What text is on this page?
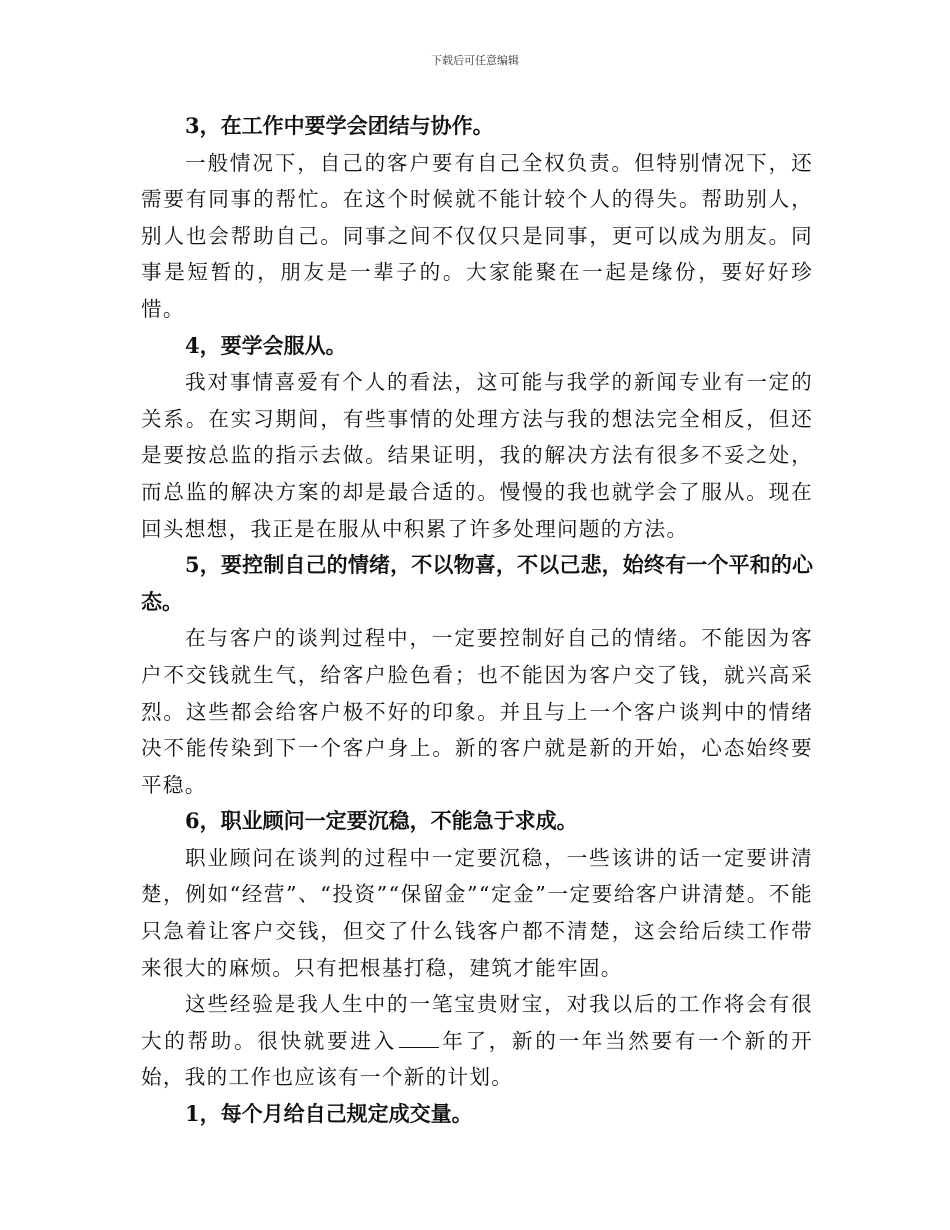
下载后可任意编辑

3，在工作中要学会团结与协作。

一般情况下，自己的客户要有自己全权负责。但特别情况下，还需要有同事的帮忙。在这个时候就不能计较个人的得失。帮助别人，别人也会帮助自己。同事之间不仅仅只是同事，更可以成为朋友。同事是短暂的，朋友是一辈子的。大家能聚在一起是缘份，要好好珍惜。

4，要学会服从。

我对事情喜爱有个人的看法，这可能与我学的新闻专业有一定的关系。在实习期间，有些事情的处理方法与我的想法完全相反，但还是要按总监的指示去做。结果证明，我的解决方法有很多不妥之处，而总监的解决方案的却是最合适的。慢慢的我也就学会了服从。现在回头想想，我正是在服从中积累了许多处理问题的方法。

5，要控制自己的情绪，不以物喜，不以己悲，始终有一个平和的心态。

在与客户的谈判过程中，一定要控制好自己的情绪。不能因为客户不交钱就生气，给客户脸色看；也不能因为客户交了钱，就兴高采烈。这些都会给客户极不好的印象。并且与上一个客户谈判中的情绪决不能传染到下一个客户身上。新的客户就是新的开始，心态始终要平稳。

6，职业顾问一定要沉稳，不能急于求成。

职业顾问在谈判的过程中一定要沉稳，一些该讲的话一定要讲清楚，例如“经营”、“投资”“保留金”“定金”一定要给客户讲清楚。不能只急着让客户交钱，但交了什么钱客户都不清楚，这会给后续工作带来很大的麻烦。只有把根基打稳，建筑才能牢固。

这些经验是我人生中的一笔宝贵财宝，对我以后的工作将会有很大的帮助。很快就要进入 年了，新的一年当然要有一个新的开始，我的工作也应该有一个新的计划。

1，每个月给自己规定成交量。
